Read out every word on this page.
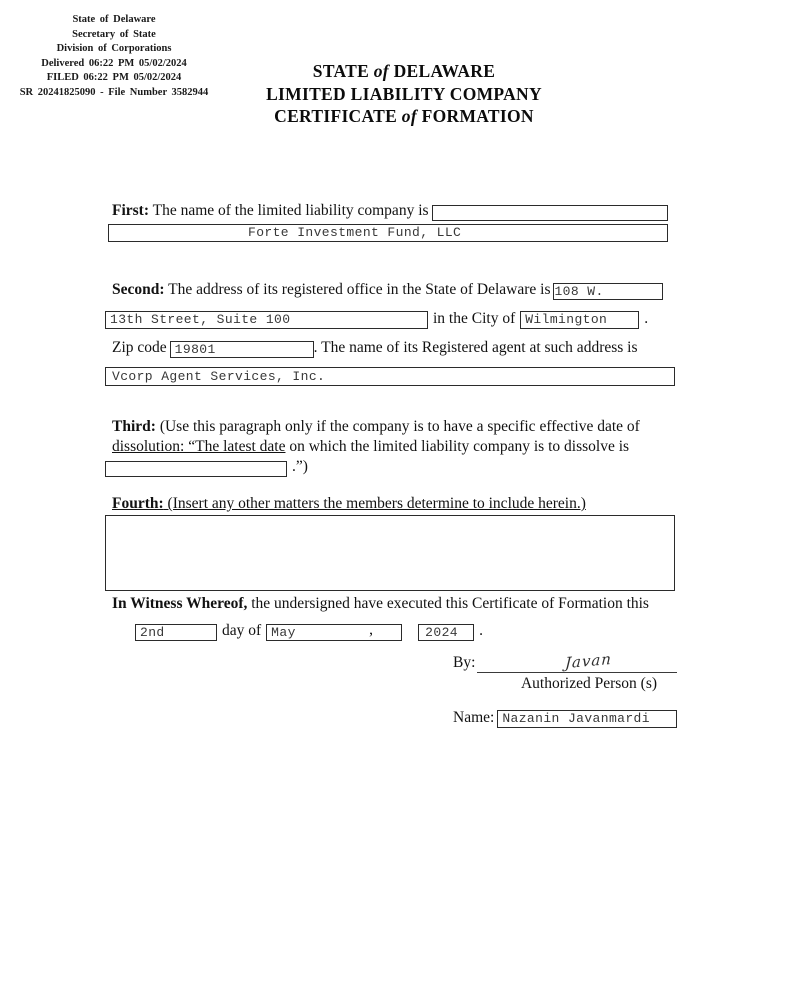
State of Delaware
Secretary of State
Division of Corporations
Delivered 06:22 PM 05/02/2024
FILED 06:22 PM 05/02/2024
SR 20241825090 - File Number 3582944
STATE of DELAWARE
LIMITED LIABILITY COMPANY
CERTIFICATE of FORMATION
First: The name of the limited liability company is
Forte Investment Fund, LLC
Second: The address of its registered office in the State of Delaware is 108 W.
13th Street, Suite 100	in the City of Wilmington .
Zip code 19801	. The name of its Registered agent at such address is
Vcorp Agent Services, Inc.
Third: (Use this paragraph only if the company is to have a specific effective date of
dissolution: “The latest date on which the limited liability company is to dissolve is
.”)
Fourth: (Insert any other matters the members determine to include herein.)
In Witness Whereof, the undersigned have executed this Certificate of Formation this
2nd	day of May	,	2024 .
By:	Javan
Authorized Person (s)
Name: Nazanin Javanmardi
